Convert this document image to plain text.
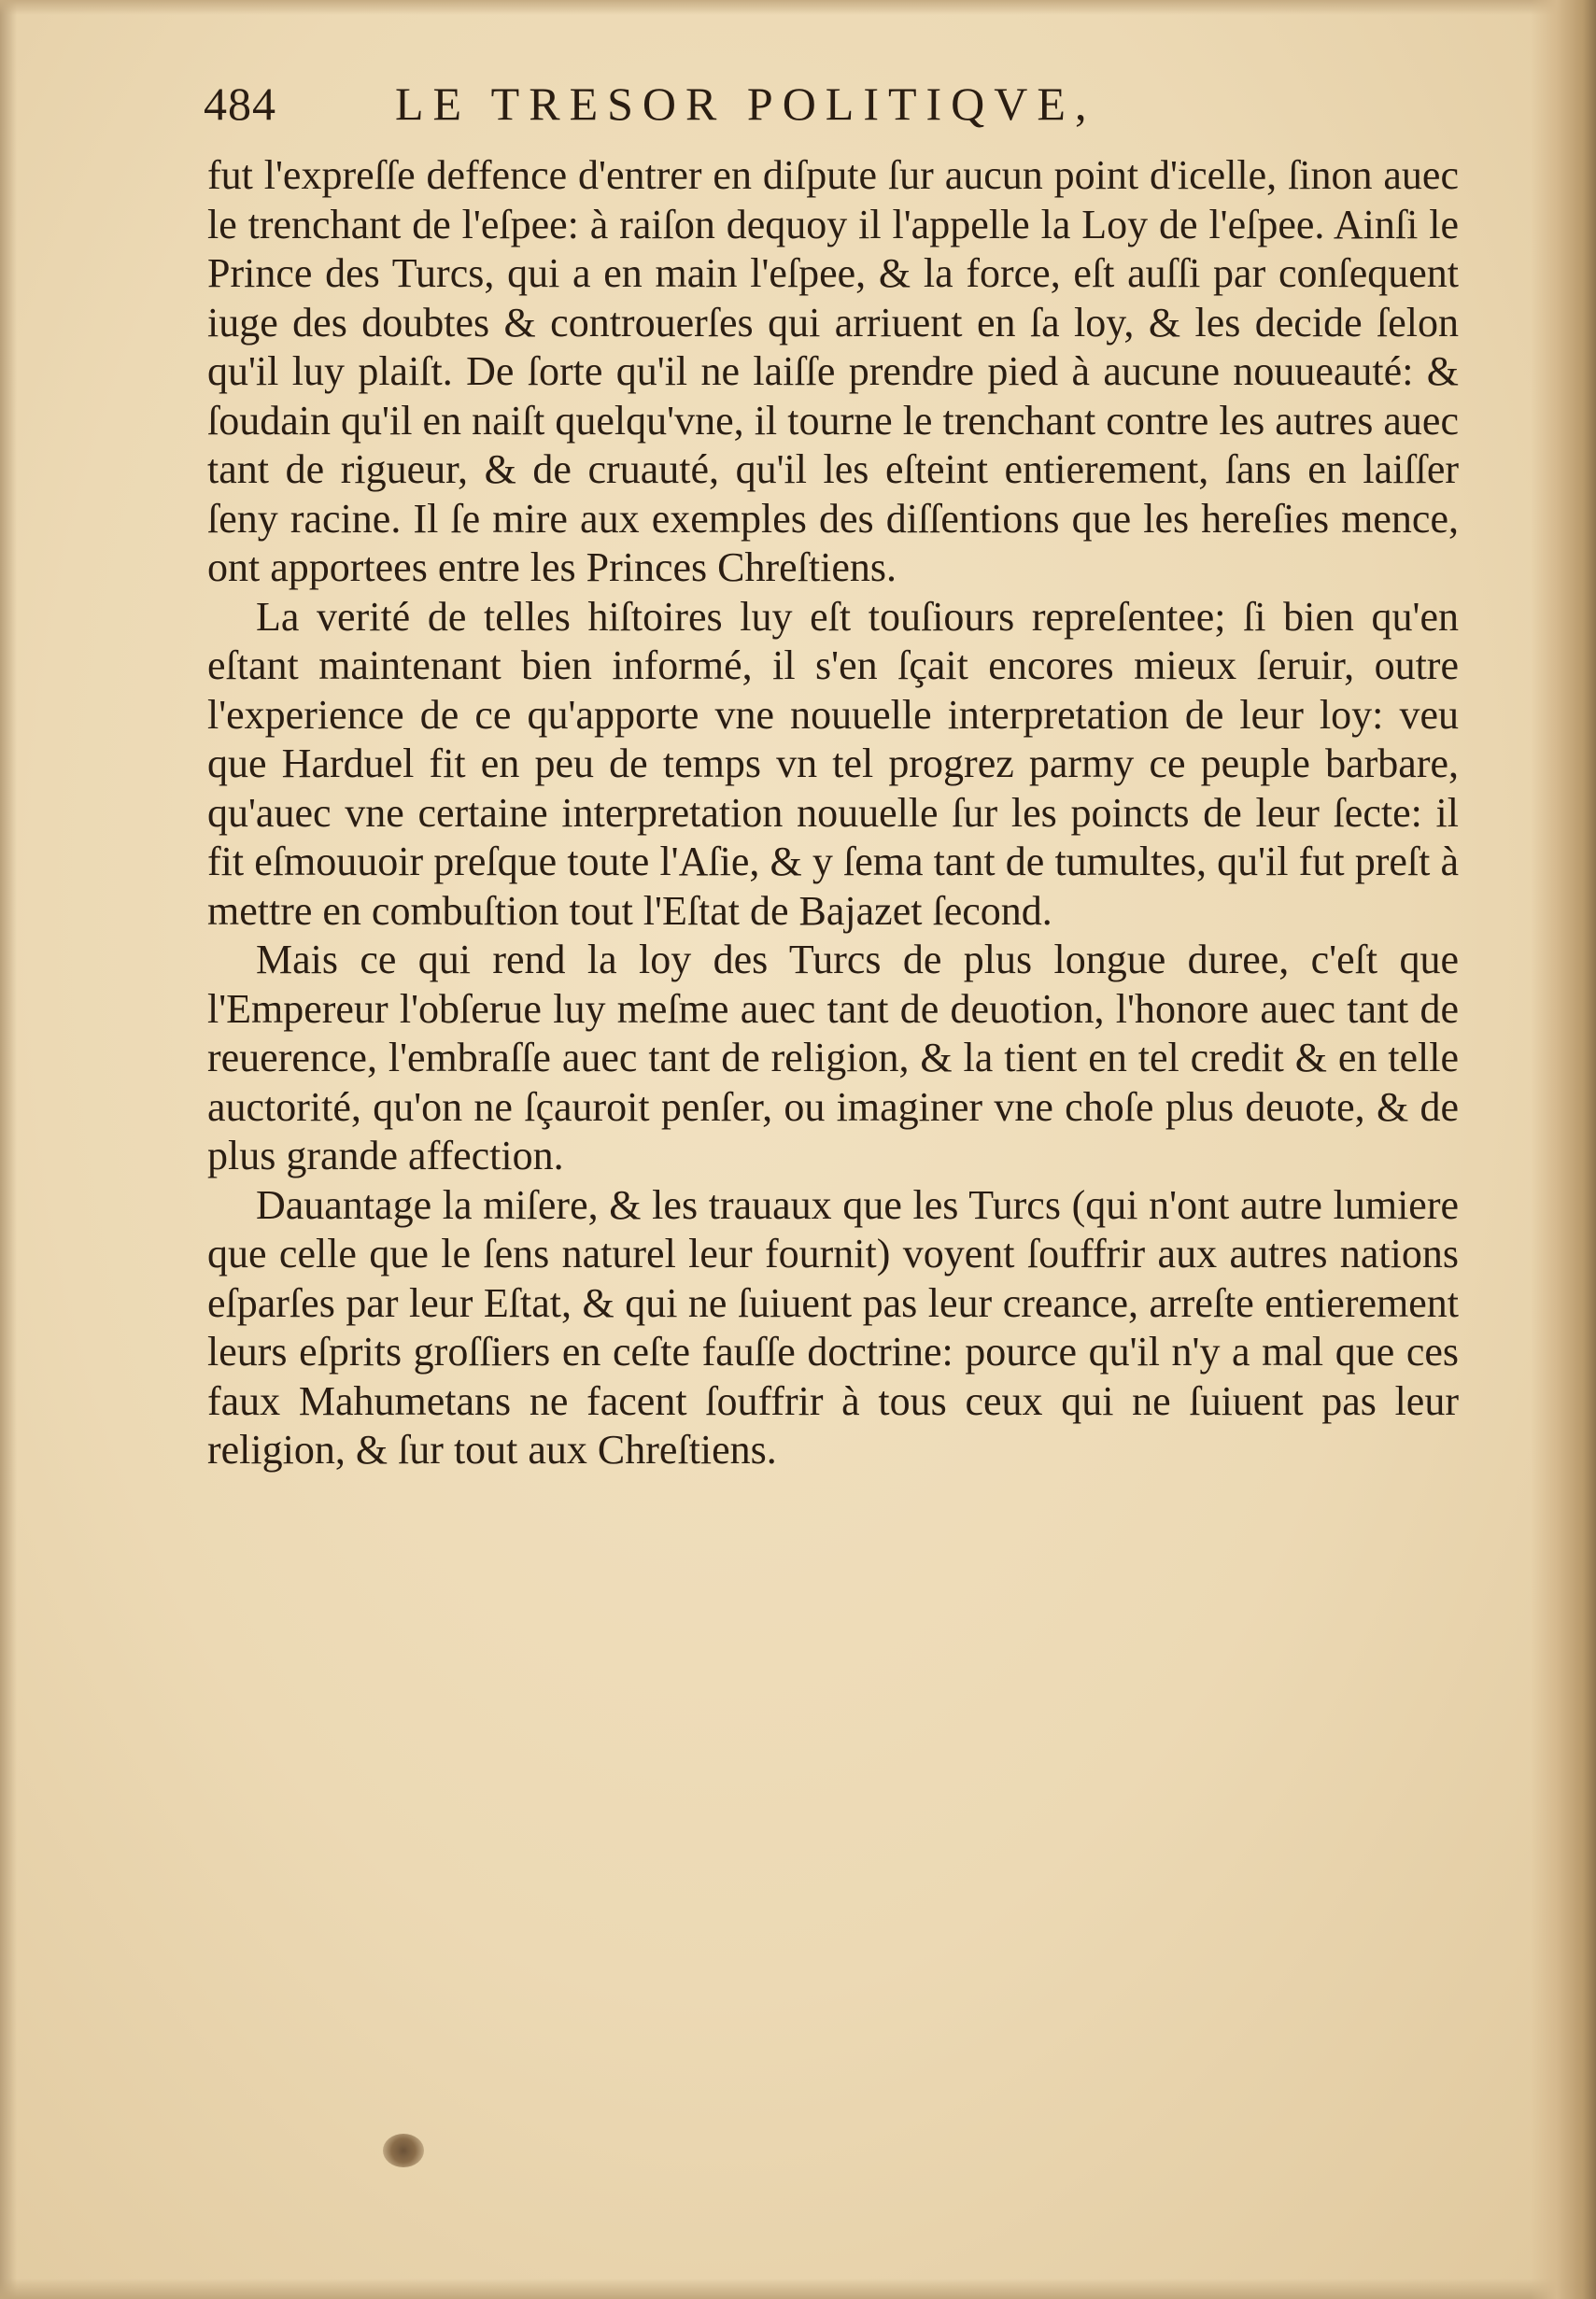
484	LE TRESOR POLITIQVE,

fut l'expreſſe deffence d'entrer en diſpute ſur aucun point d'icelle, ſinon auec le trenchant de l'eſpee: à raiſon dequoy il l'appelle la Loy de l'eſpee. Ainſi le Prince des Turcs, qui a en main l'eſpee, & la force, eſt auſſi par conſequent iuge des doubtes & controuerſes qui arriuent en ſa loy, & les decide ſelon qu'il luy plaiſt. De ſorte qu'il ne laiſſe prendre pied à aucune nouueauté: & ſoudain qu'il en naiſt quelqu'vne, il tourne le trenchant contre les autres auec tant de rigueur, & de cruauté, qu'il les eſteint entierement, ſans en laiſſer ſeny racine. Il ſe mire aux exemples des diſſentions que les hereſies mence, ont apportees entre les Princes Chreſtiens.

La verité de telles hiſtoires luy eſt touſiours repreſentee; ſi bien qu'en eſtant maintenant bien informé, il s'en ſçait encores mieux ſeruir, outre l'experience de ce qu'apporte vne nouuelle interpretation de leur loy: veu que Harduel fit en peu de temps vn tel progrez parmy ce peuple barbare, qu'auec vne certaine interpretation nouuelle ſur les poincts de leur ſecte: il fit eſmouuoir preſque toute l'Aſie, & y ſema tant de tumultes, qu'il fut preſt à mettre en combuſtion tout l'Eſtat de Bajazet ſecond.

Mais ce qui rend la loy des Turcs de plus longue duree, c'eſt que l'Empereur l'obſerue luy meſme auec tant de deuotion, l'honore auec tant de reuerence, l'embraſſe auec tant de religion, & la tient en tel credit & en telle auctorité, qu'on ne ſçauroit penſer, ou imaginer vne choſe plus deuote, & de plus grande affection.

Dauantage la miſere, & les trauaux que les Turcs (qui n'ont autre lumiere que celle que le ſens naturel leur fournit) voyent ſouffrir aux autres nations eſparſes par leur Eſtat, & qui ne ſuiuent pas leur creance, arreſte entierement leurs eſprits groſſiers en ceſte fauſſe doctrine: pource qu'il n'y a mal que ces faux Mahumetans ne facent ſouffrir à tous ceux qui ne ſuiuent pas leur religion, & ſur tout aux Chreſtiens.
